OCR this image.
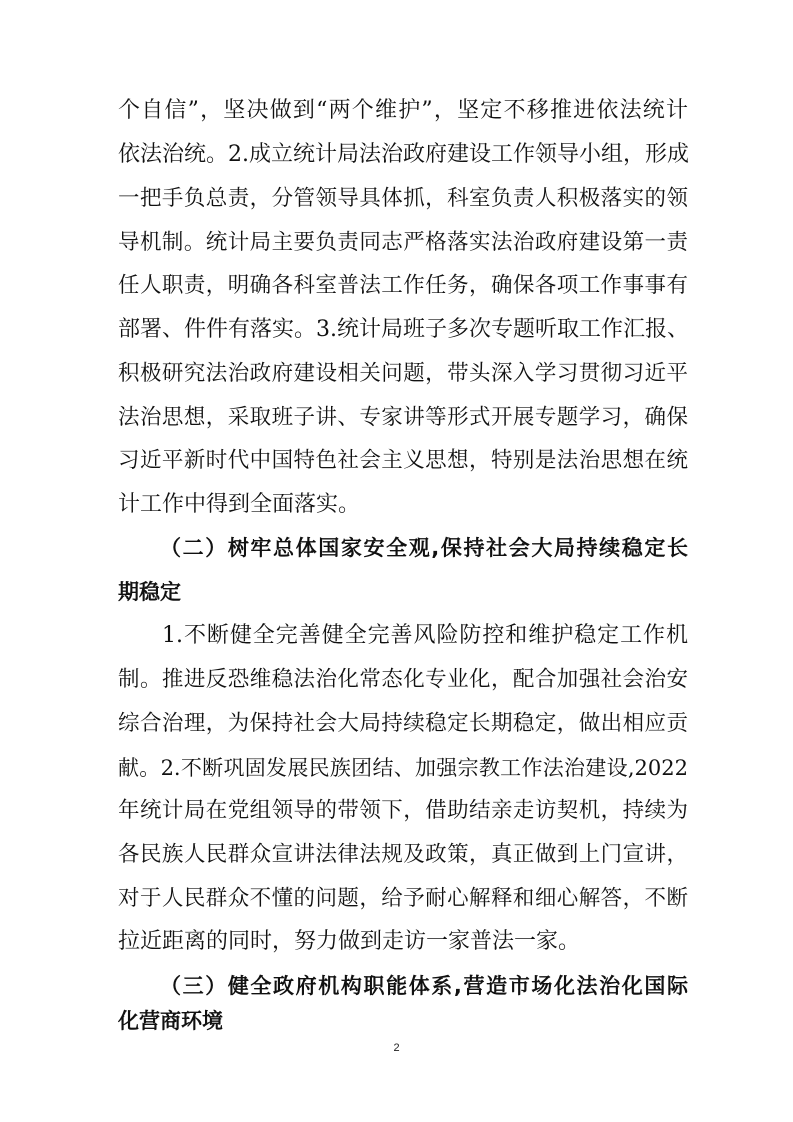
个自信”，坚决做到“两个维护”，坚定不移推进依法统计
依法治统。2.成立统计局法治政府建设工作领导小组，形成
一把手负总责，分管领导具体抓，科室负责人积极落实的领
导机制。统计局主要负责同志严格落实法治政府建设第一责
任人职责，明确各科室普法工作任务，确保各项工作事事有
部署、件件有落实。3.统计局班子多次专题听取工作汇报、
积极研究法治政府建设相关问题，带头深入学习贯彻习近平
法治思想，采取班子讲、专家讲等形式开展专题学习，确保
习近平新时代中国特色社会主义思想，特别是法治思想在统
计工作中得到全面落实。
（二）树牢总体国家安全观,保持社会大局持续稳定长
期稳定
1.不断健全完善健全完善风险防控和维护稳定工作机
制。推进反恐维稳法治化常态化专业化，配合加强社会治安
综合治理，为保持社会大局持续稳定长期稳定，做出相应贡
献。2.不断巩固发展民族团结、加强宗教工作法治建设,2022
年统计局在党组领导的带领下，借助结亲走访契机，持续为
各民族人民群众宣讲法律法规及政策，真正做到上门宣讲，
对于人民群众不懂的问题，给予耐心解释和细心解答，不断
拉近距离的同时，努力做到走访一家普法一家。
（三）健全政府机构职能体系,营造市场化法治化国际
化营商环境
2
